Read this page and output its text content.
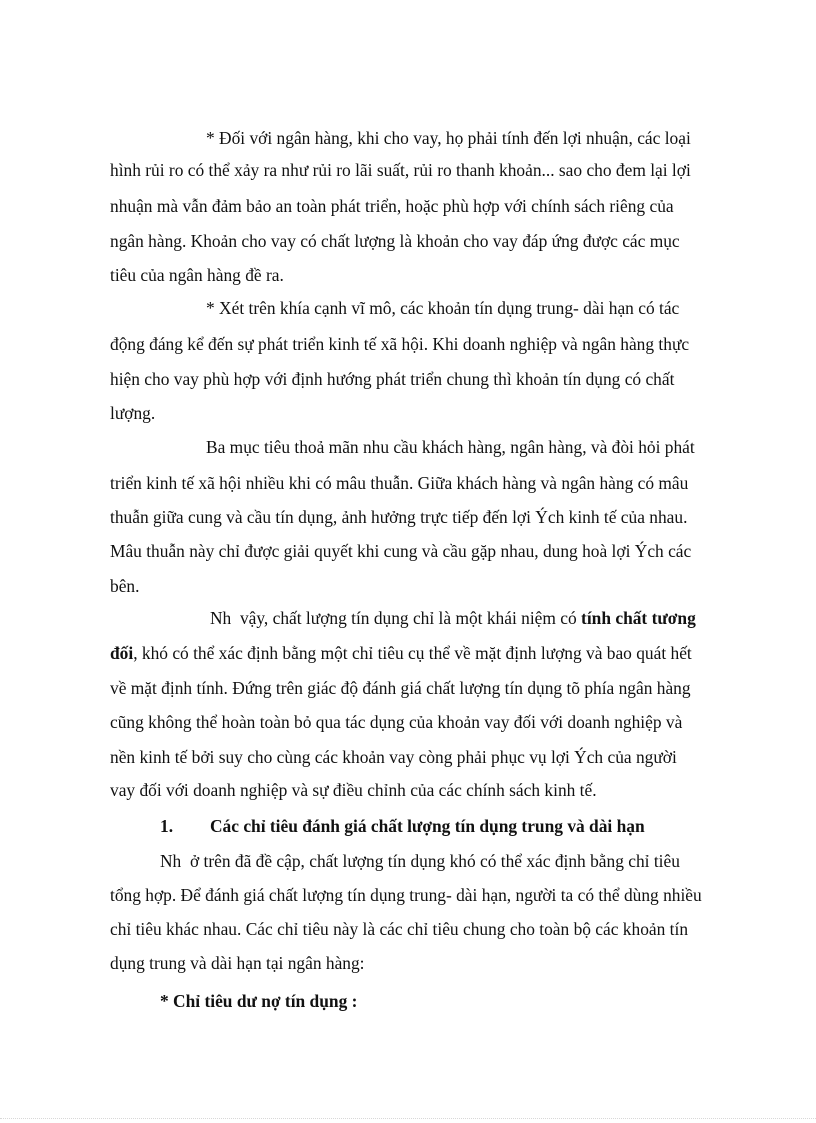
* Đối với ngân hàng, khi cho vay, họ phải tính đến lợi nhuận, các loại
hình rủi ro có thể xảy ra như rủi ro lãi suất, rủi ro thanh khoản... sao cho đem lại lợi
nhuận mà vẫn đảm bảo an toàn phát triển, hoặc phù hợp với chính sách riêng của
ngân hàng. Khoản cho vay có chất lượng là khoản cho vay đáp ứng được các mục
tiêu của ngân hàng đề ra.
* Xét trên khía cạnh vĩ mô, các khoản tín dụng trung- dài hạn có tác
động đáng kể đến sự phát triển kinh tế xã hội. Khi doanh nghiệp và ngân hàng thực
hiện cho vay phù hợp với định hướng phát triển chung thì khoản tín dụng có chất
lượng.
Ba mục tiêu thoả mãn nhu cầu khách hàng, ngân hàng, và đòi hỏi phát
triển kinh tế xã hội nhiều khi có mâu thuẫn. Giữa khách hàng và ngân hàng có mâu
thuẫn giữa cung và cầu tín dụng, ảnh hưởng trực tiếp đến lợi Ých kinh tế của nhau.
Mâu thuẫn này chỉ được giải quyết khi cung và cầu gặp nhau, dung hoà lợi Ých các
bên.
Nh  vậy, chất lượng tín dụng chỉ là một khái niệm có tính chất tương
đối, khó có thể xác định bằng một chỉ tiêu cụ thể về mặt định lượng và bao quát hết
về mặt định tính. Đứng trên giác độ đánh giá chất lượng tín dụng tõ phía ngân hàng
cũng không thể hoàn toàn bỏ qua tác dụng của khoản vay đối với doanh nghiệp và
nền kinh tế bởi suy cho cùng các khoản vay còng phải phục vụ lợi Ých của người
vay đối với doanh nghiệp và sự điều chỉnh của các chính sách kinh tế.
1. Các chỉ tiêu đánh giá chất lượng tín dụng trung và dài hạn
Nh  ở trên đã đề cập, chất lượng tín dụng khó có thể xác định bằng chỉ tiêu
tổng hợp. Để đánh giá chất lượng tín dụng trung- dài hạn, người ta có thể dùng nhiều
chỉ tiêu khác nhau. Các chỉ tiêu này là các chỉ tiêu chung cho toàn bộ các khoản tín
dụng trung và dài hạn tại ngân hàng:
* Chỉ tiêu dư nợ tín dụng :
